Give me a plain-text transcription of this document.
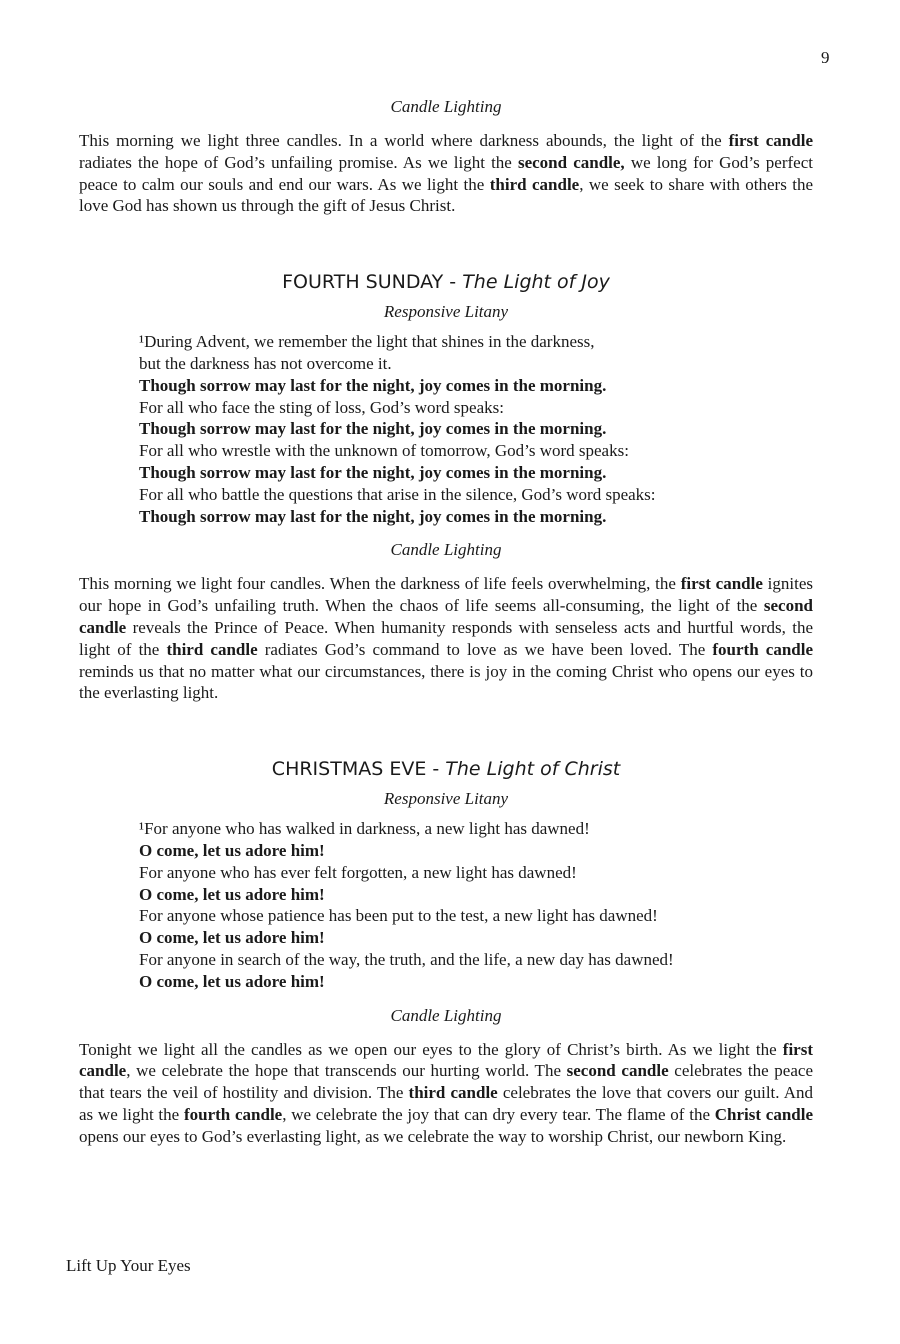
9
Candle Lighting

This morning we light three candles. In a world where darkness abounds, the light of the first candle radiates the hope of God’s unfailing promise. As we light the second candle, we long for God’s perfect peace to calm our souls and end our wars. As we light the third candle, we seek to share with others the love God has shown us through the gift of Jesus Christ.

FOURTH SUNDAY - The Light of Joy
Responsive Litany
¹During Advent, we remember the light that shines in the darkness,
but the darkness has not overcome it.
Though sorrow may last for the night, joy comes in the morning.
For all who face the sting of loss, God’s word speaks:
Though sorrow may last for the night, joy comes in the morning.
For all who wrestle with the unknown of tomorrow, God’s word speaks:
Though sorrow may last for the night, joy comes in the morning.
For all who battle the questions that arise in the silence, God’s word speaks:
Though sorrow may last for the night, joy comes in the morning.
Candle Lighting

This morning we light four candles. When the darkness of life feels overwhelming, the first candle ignites our hope in God’s unfailing truth. When the chaos of life seems all-consuming, the light of the second candle reveals the Prince of Peace. When humanity responds with senseless acts and hurtful words, the light of the third candle radiates God’s command to love as we have been loved. The fourth candle reminds us that no matter what our circumstances, there is joy in the coming Christ who opens our eyes to the everlasting light.

CHRISTMAS EVE - The Light of Christ
Responsive Litany
¹For anyone who has walked in darkness, a new light has dawned!
O come, let us adore him!
For anyone who has ever felt forgotten, a new light has dawned!
O come, let us adore him!
For anyone whose patience has been put to the test, a new light has dawned!
O come, let us adore him!
For anyone in search of the way, the truth, and the life, a new day has dawned!
O come, let us adore him!
Candle Lighting

Tonight we light all the candles as we open our eyes to the glory of Christ’s birth. As we light the first candle, we celebrate the hope that transcends our hurting world. The second candle celebrates the peace that tears the veil of hostility and division. The third candle celebrates the love that covers our guilt. And as we light the fourth candle, we celebrate the joy that can dry every tear. The flame of the Christ candle opens our eyes to God’s everlasting light, as we celebrate the way to worship Christ, our newborn King.

Lift Up Your Eyes
